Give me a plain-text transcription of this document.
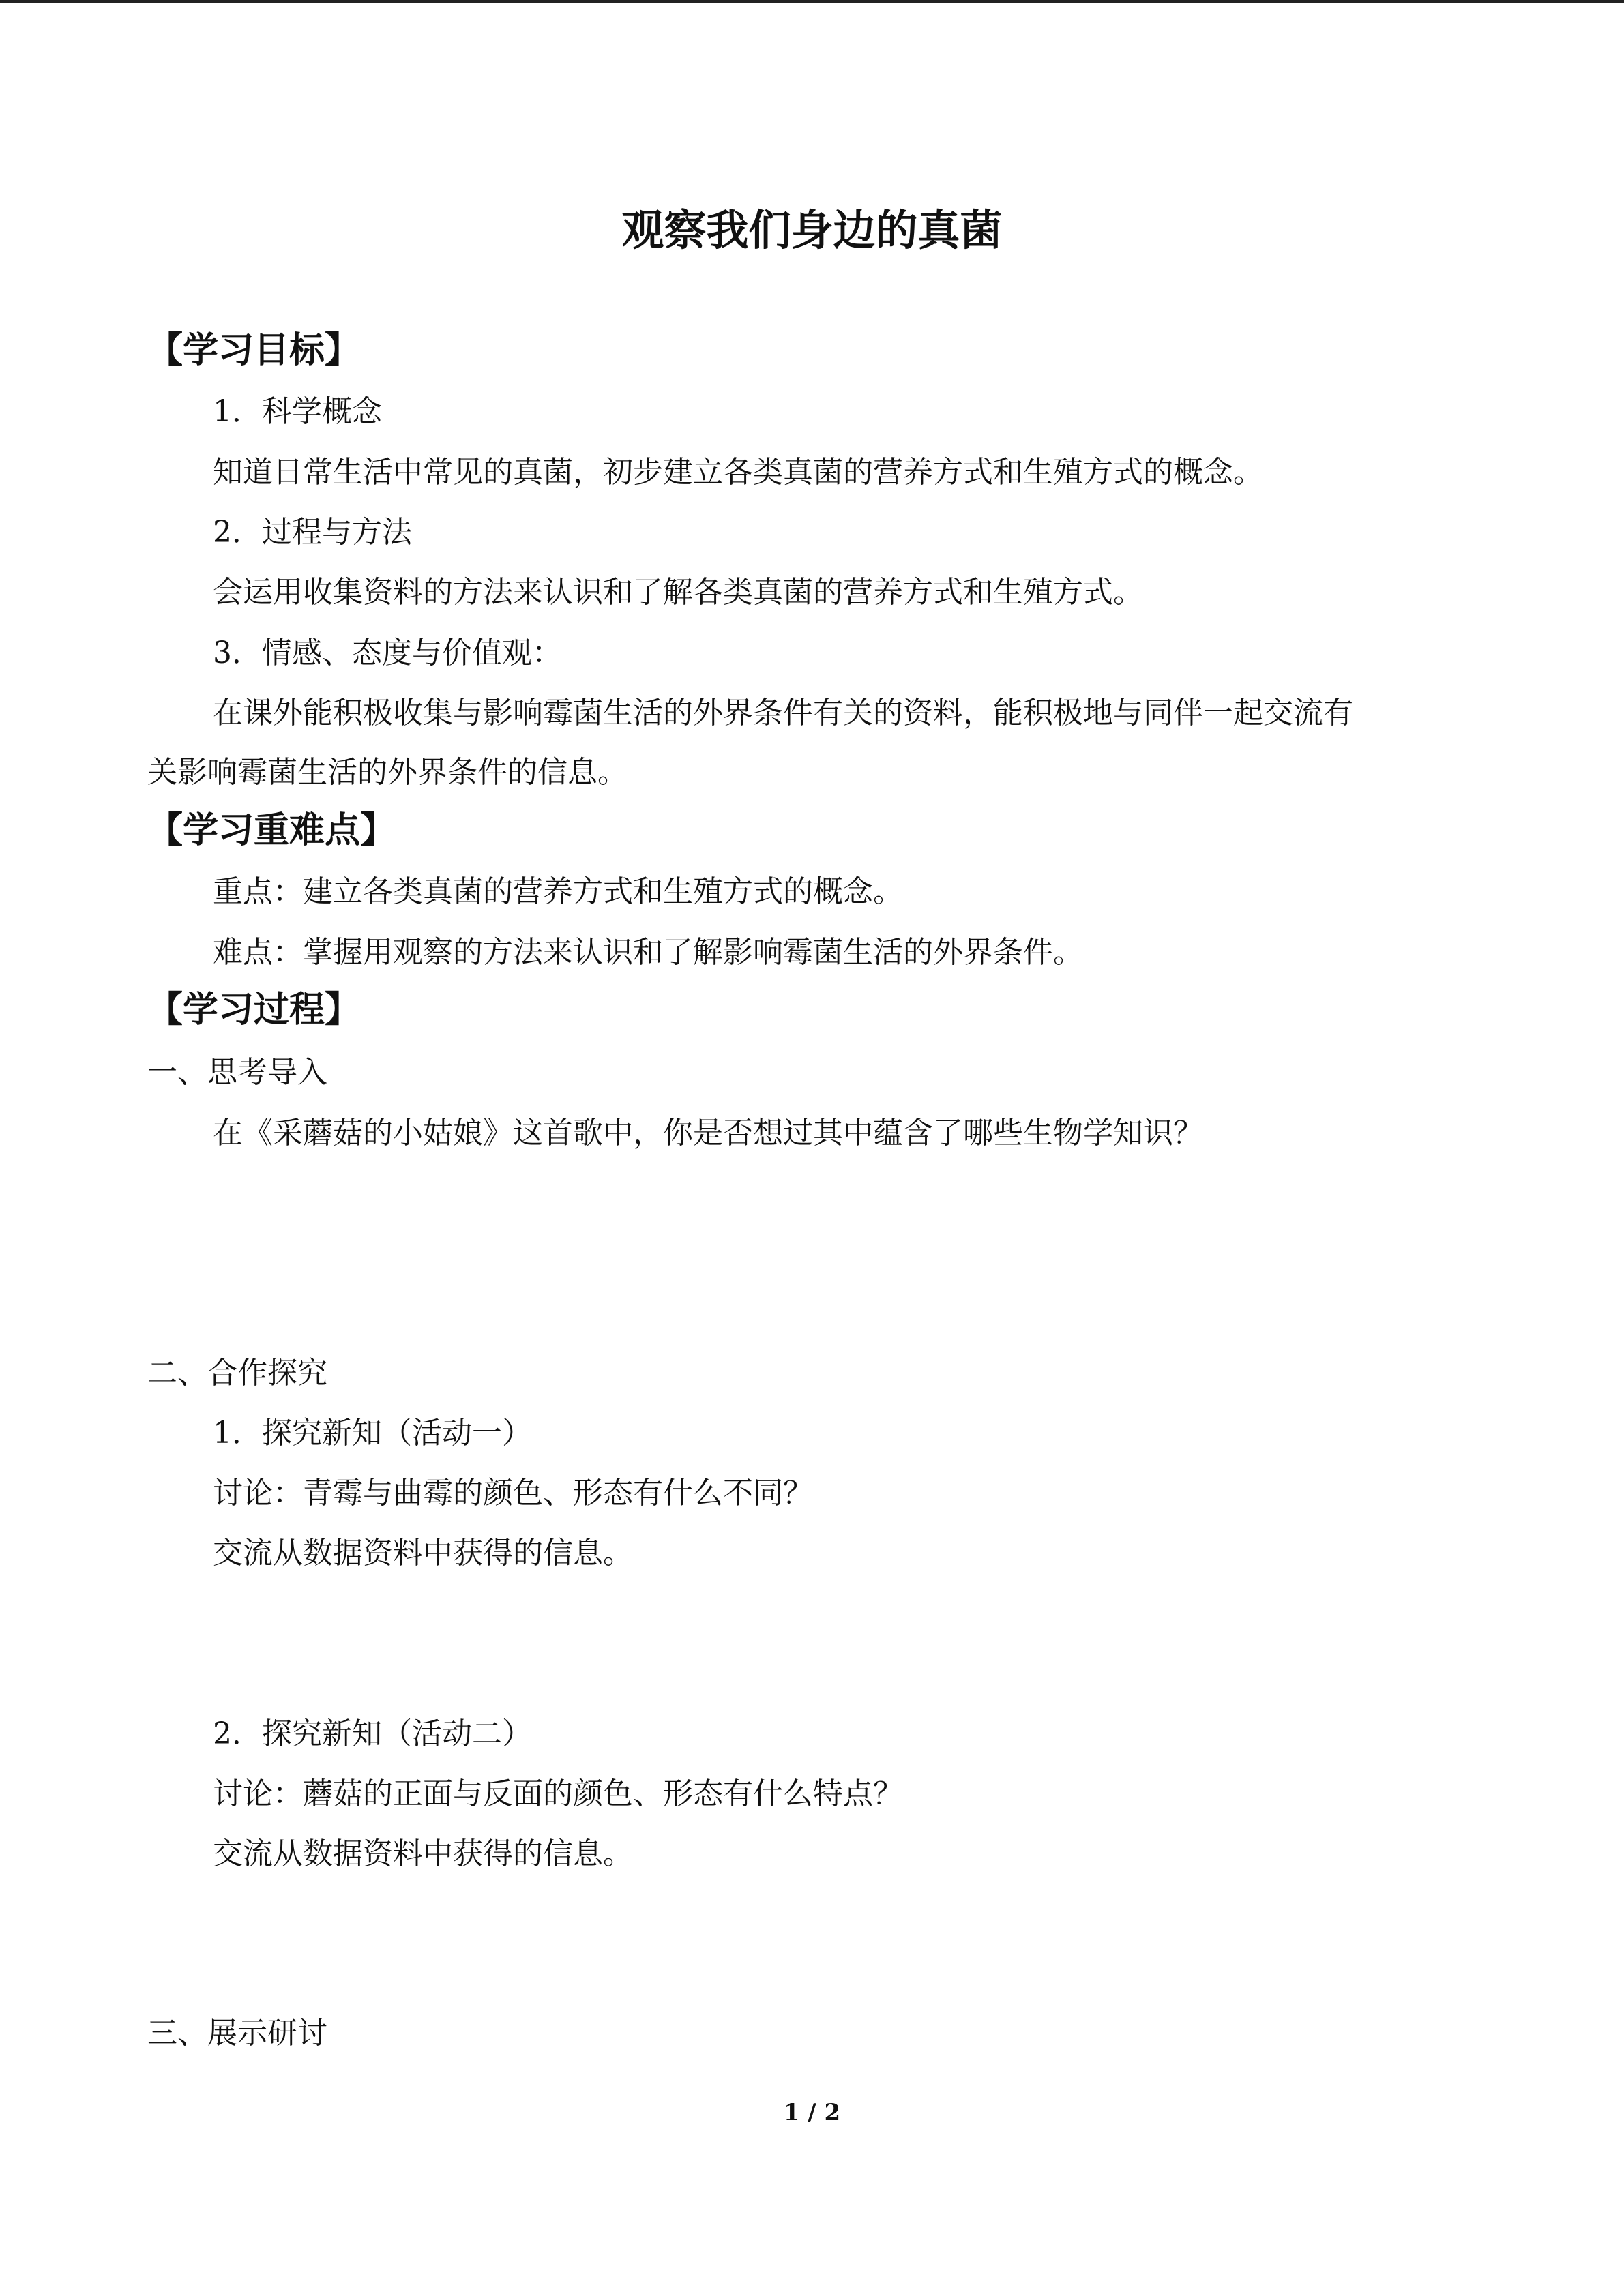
观察我们身边的真菌
【学习目标】
1．科学概念
知道日常生活中常见的真菌，初步建立各类真菌的营养方式和生殖方式的概念。
2．过程与方法
会运用收集资料的方法来认识和了解各类真菌的营养方式和生殖方式。
3．情感、态度与价值观：
在课外能积极收集与影响霉菌生活的外界条件有关的资料，能积极地与同伴一起交流有
关影响霉菌生活的外界条件的信息。
【学习重难点】
重点：建立各类真菌的营养方式和生殖方式的概念。
难点：掌握用观察的方法来认识和了解影响霉菌生活的外界条件。
【学习过程】
一、思考导入
在《采蘑菇的小姑娘》这首歌中，你是否想过其中蕴含了哪些生物学知识？
二、合作探究
1．探究新知（活动一）
讨论：青霉与曲霉的颜色、形态有什么不同？
交流从数据资料中获得的信息。
2．探究新知（活动二）
讨论：蘑菇的正面与反面的颜色、形态有什么特点？
交流从数据资料中获得的信息。
三、展示研讨
1 / 2
